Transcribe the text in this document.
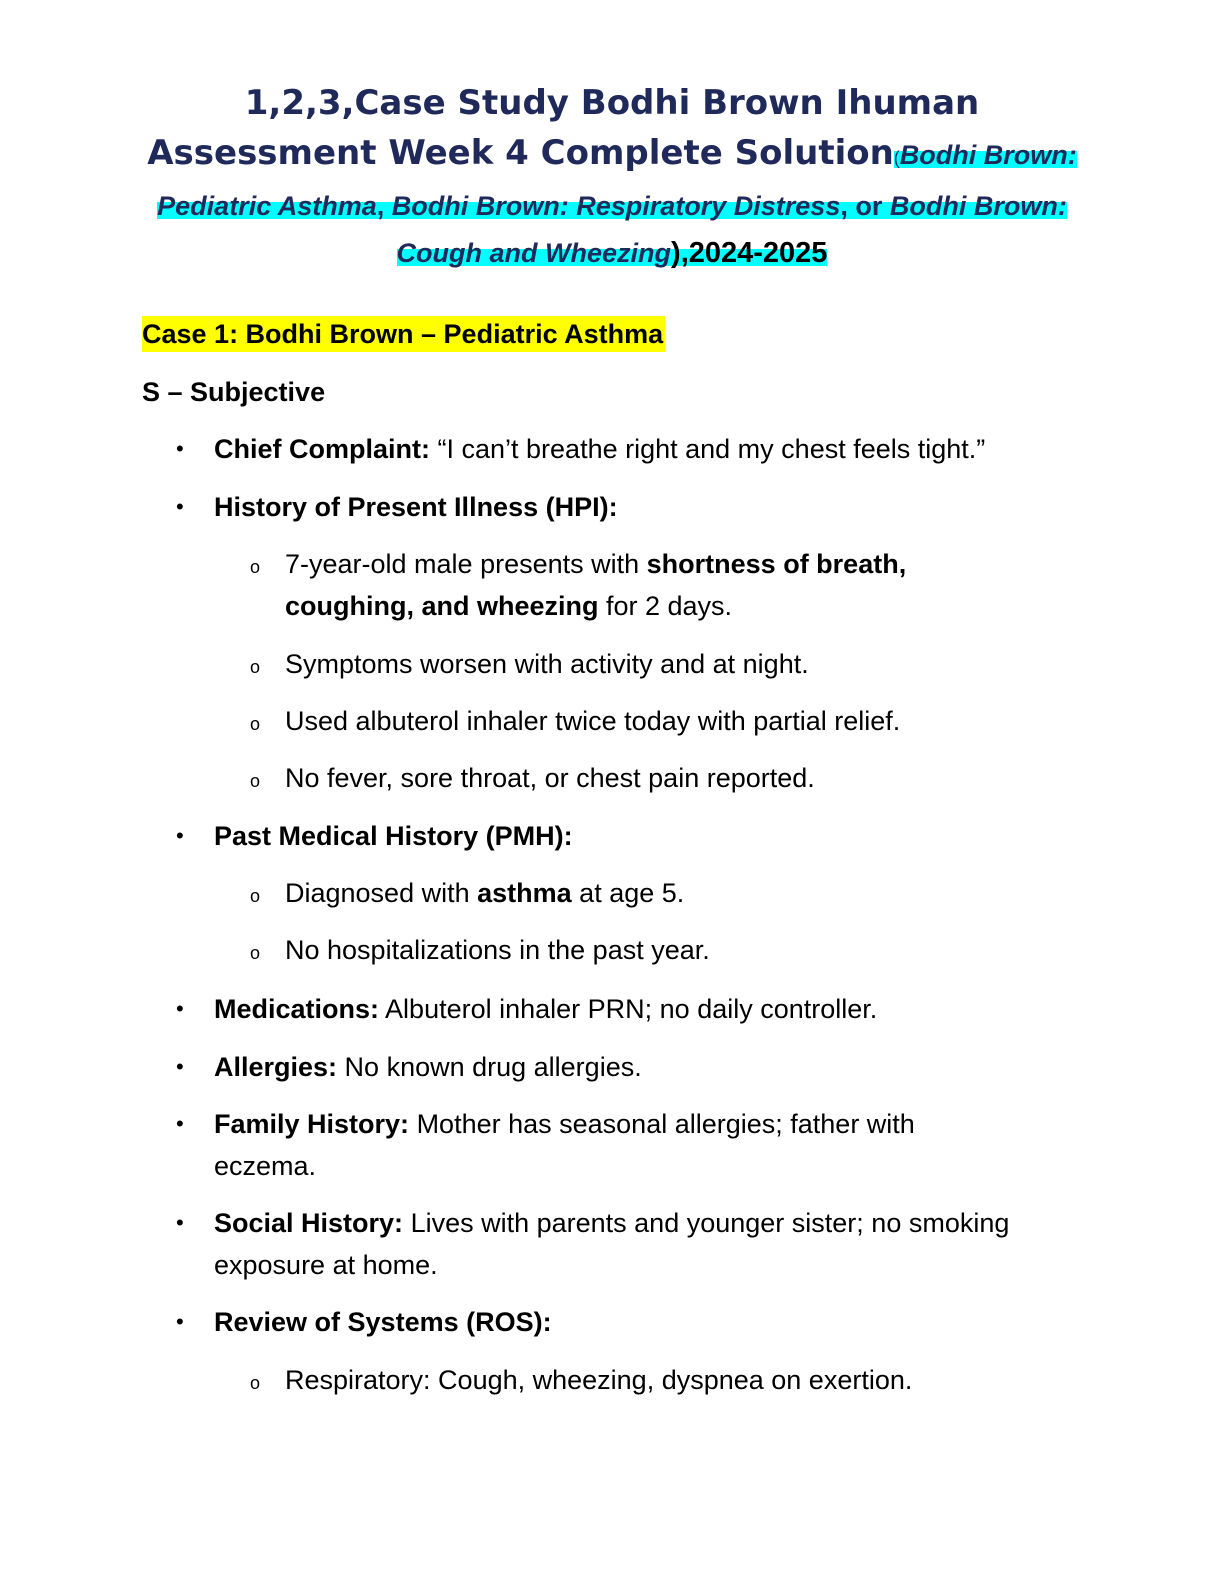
1,2,3,Case Study Bodhi Brown Ihuman
Assessment Week 4 Complete Solution(Bodhi Brown:
Pediatric Asthma, Bodhi Brown: Respiratory Distress, or Bodhi Brown:
Cough and Wheezing),2024-2025
Case 1: Bodhi Brown – Pediatric Asthma
S – Subjective
• Chief Complaint: “I can’t breathe right and my chest feels tight.”
• History of Present Illness (HPI):
o 7-year-old male presents with shortness of breath,
coughing, and wheezing for 2 days.
o Symptoms worsen with activity and at night.
o Used albuterol inhaler twice today with partial relief.
o No fever, sore throat, or chest pain reported.
• Past Medical History (PMH):
o Diagnosed with asthma at age 5.
o No hospitalizations in the past year.
• Medications: Albuterol inhaler PRN; no daily controller.
• Allergies: No known drug allergies.
• Family History: Mother has seasonal allergies; father with
eczema.
• Social History: Lives with parents and younger sister; no smoking
exposure at home.
• Review of Systems (ROS):
o Respiratory: Cough, wheezing, dyspnea on exertion.
